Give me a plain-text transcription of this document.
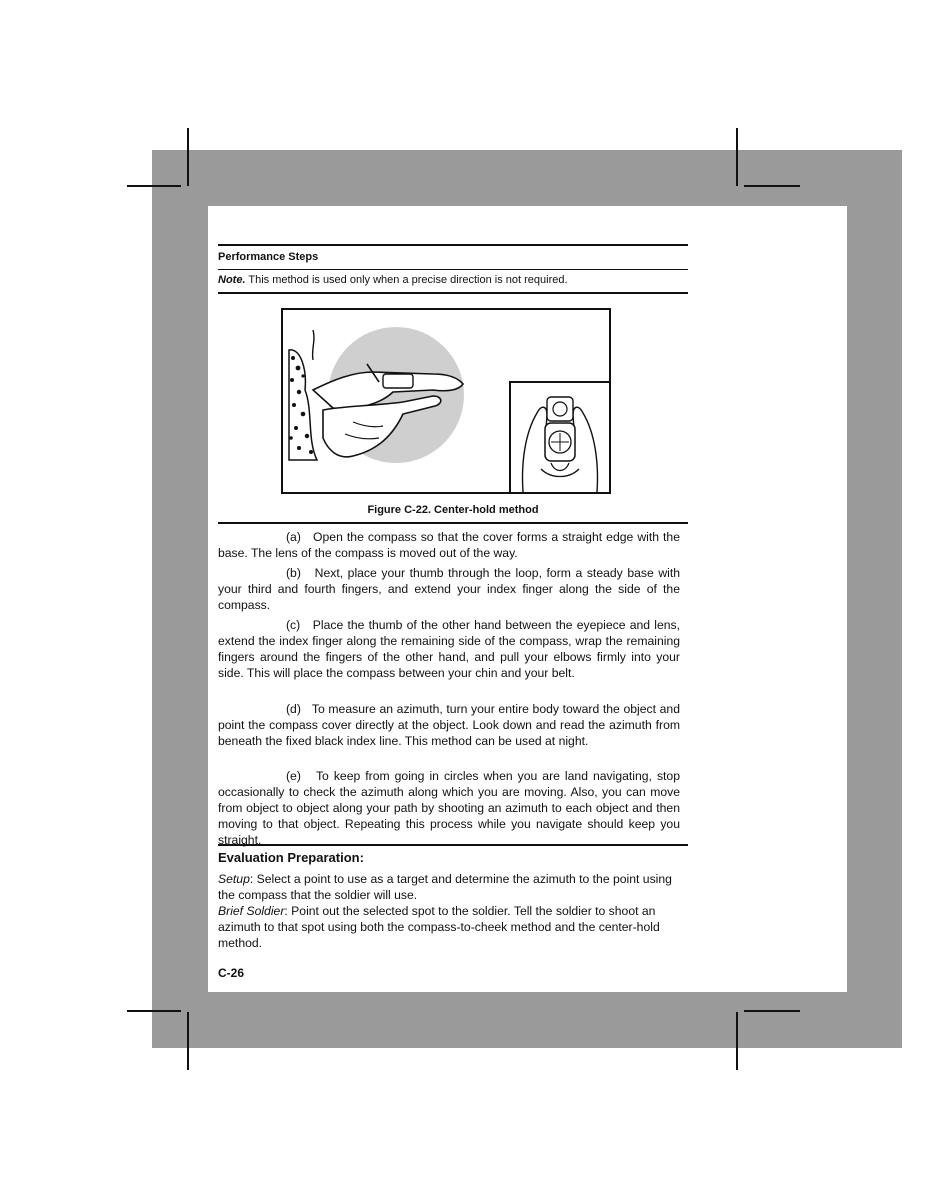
Performance Steps
Note. This method is used only when a precise direction is not required.
Figure C-22. Center-hold method
(a) Open the compass so that the cover forms a straight edge with the base. The lens of the compass is moved out of the way.
(b) Next, place your thumb through the loop, form a steady base with your third and fourth fingers, and extend your index finger along the side of the compass.
(c) Place the thumb of the other hand between the eyepiece and lens, extend the index finger along the remaining side of the compass, wrap the remaining fingers around the fingers of the other hand, and pull your elbows firmly into your side. This will place the compass between your chin and your belt.
(d) To measure an azimuth, turn your entire body toward the object and point the compass cover directly at the object. Look down and read the azimuth from beneath the fixed black index line. This method can be used at night.
(e) To keep from going in circles when you are land navigating, stop occasionally to check the azimuth along which you are moving. Also, you can move from object to object along your path by shooting an azimuth to each object and then moving to that object. Repeating this process while you navigate should keep you straight.
Evaluation Preparation:
Setup: Select a point to use as a target and determine the azimuth to the point using the compass that the soldier will use.
Brief Soldier: Point out the selected spot to the soldier. Tell the soldier to shoot an azimuth to that spot using both the compass-to-cheek method and the center-hold method.
C-26
